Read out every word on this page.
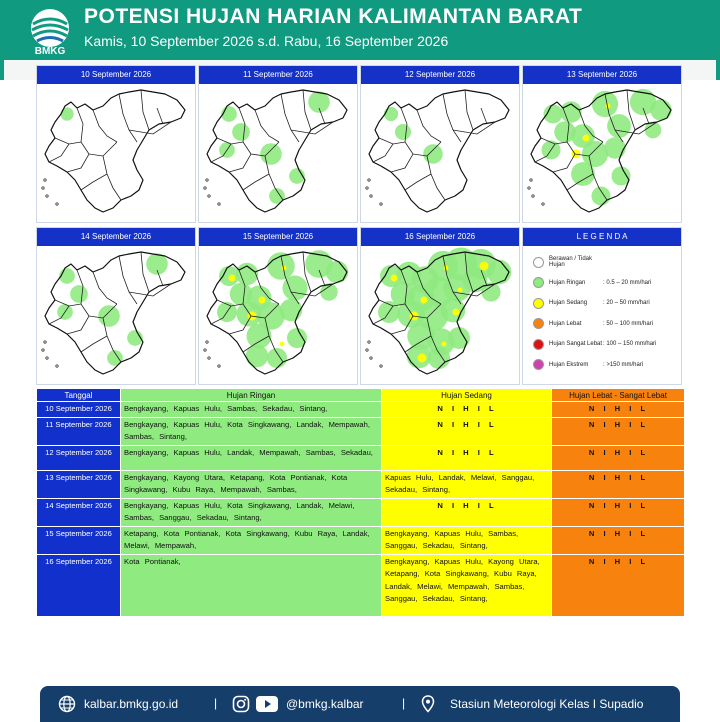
BMKG
POTENSI HUJAN HARIAN KALIMANTAN BARAT
Kamis, 10 September 2026 s.d. Rabu, 16 September 2026
10 September 2026	11 September 2026	12 September 2026	13 September 2026
14 September 2026	15 September 2026	16 September 2026	L E G E N D A
Berawan / Tidak Hujan
Hujan Ringan	: 0.5 – 20 mm/hari
Hujan Sedang	: 20 – 50 mm/hari
Hujan Lebat	: 50 – 100 mm/hari
Hujan Sangat Lebat : 100 – 150 mm/hari
Hujan Ekstrem	: >150 mm/hari
Tanggal	Hujan Ringan	Hujan Sedang	Hujan Lebat - Sangat Lebat
10 September 2026	Bengkayang, Kapuas Hulu, Sambas, Sekadau, Sintang,	N I H I L	N I H I L
11 September 2026	Bengkayang, Kapuas Hulu, Kota Singkawang, Landak, Mempawah, Sambas, Sintang,	N I H I L	N I H I L
12 September 2026	Bengkayang, Kapuas Hulu, Landak, Mempawah, Sambas, Sekadau,	N I H I L	N I H I L
13 September 2026	Bengkayang, Kayong Utara, Ketapang, Kota Pontianak, Kota Singkawang, Kubu Raya, Mempawah, Sambas,	Kapuas Hulu, Landak, Melawi, Sanggau, Sekadau, Sintang,	N I H I L
14 September 2026	Bengkayang, Kapuas Hulu, Kota Singkawang, Landak, Melawi, Sambas, Sanggau, Sekadau, Sintang,	N I H I L	N I H I L
15 September 2026	Ketapang, Kota Pontianak, Kota Singkawang, Kubu Raya, Landak, Melawi, Mempawah,	Bengkayang, Kapuas Hulu, Sambas, Sanggau, Sekadau, Sintang,	N I H I L
16 September 2026	Kota Pontianak,	Bengkayang, Kapuas Hulu, Kayong Utara, Ketapang, Kota Singkawang, Kubu Raya, Landak, Melawi, Mempawah, Sambas, Sanggau, Sekadau, Sintang,	N I H I L
kalbar.bmkg.go.id	|	@bmkg.kalbar	|	Stasiun Meteorologi Kelas I Supadio
